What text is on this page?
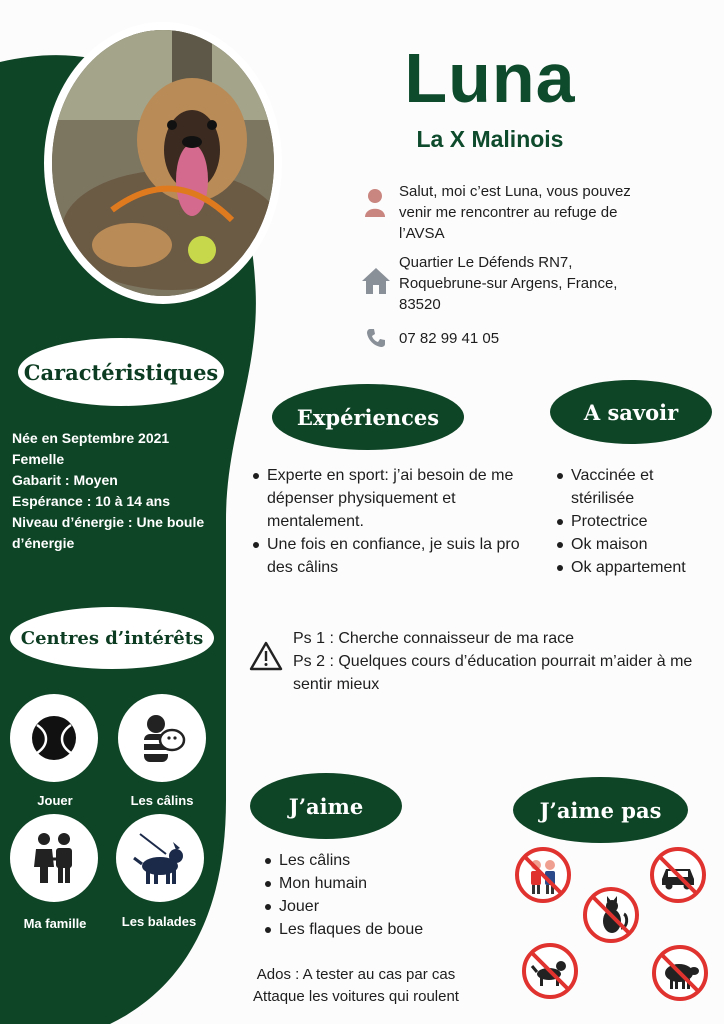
Luna
La X Malinois
Salut, moi c’est Luna, vous pouvez venir me rencontrer au refuge de l’AVSA
Quartier Le Défends RN7, Roquebrune-sur Argens, France, 83520
07 82 99 41 05
Caractéristiques
Née en Septembre 2021
Femelle
Gabarit : Moyen
Espérance : 10 à 14 ans
Niveau d’énergie : Une boule d’énergie
Centres d’intérêts
Jouer	Les câlins
Ma famille	Les balades
Expériences
Experte en sport: j’ai besoin de me dépenser physiquement et mentalement.
Une fois en confiance, je suis la pro des câlins
A savoir
Vaccinée et stérilisée
Protectrice
Ok maison
Ok appartement
Ps 1 : Cherche connaisseur de ma race
Ps 2 : Quelques cours d’éducation pourrait m’aider à me sentir mieux
J’aime
Les câlins
Mon humain
Jouer
Les flaques de boue
J’aime pas
Ados : A tester au cas par cas
Attaque les voitures qui roulent
